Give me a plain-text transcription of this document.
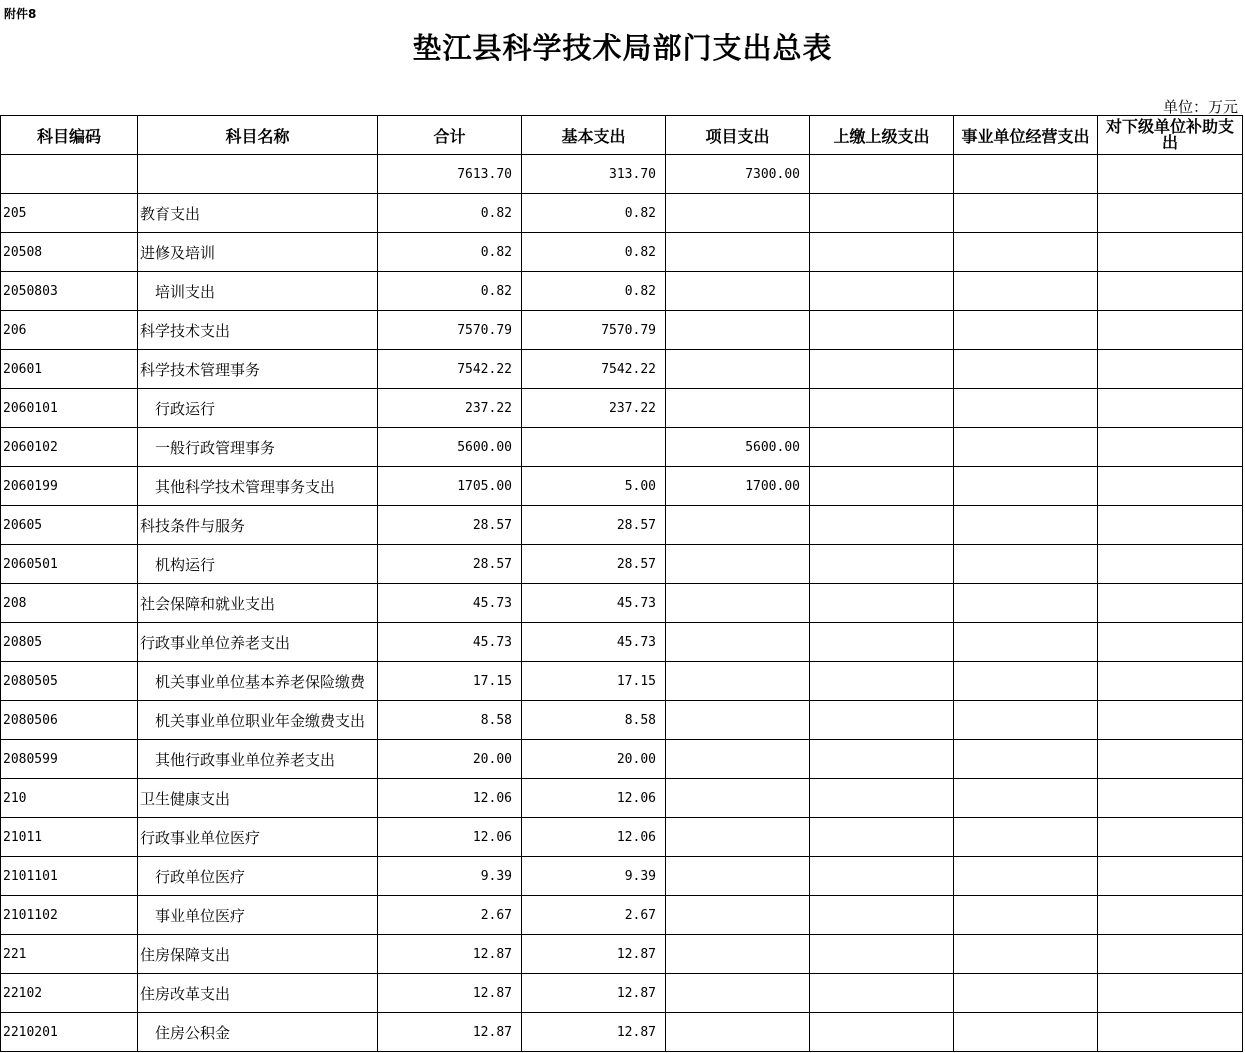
附件8
垫江县科学技术局部门支出总表
单位：万元
科目编码	科目名称	合计	基本支出	项目支出	上缴上级支出	事业单位经营支出	对下级单位补助支出
		7613.70	313.70	7300.00			
205	教育支出	0.82	0.82				
20508	进修及培训	0.82	0.82				
2050803	培训支出	0.82	0.82				
206	科学技术支出	7570.79	7570.79				
20601	科学技术管理事务	7542.22	7542.22				
2060101	行政运行	237.22	237.22				
2060102	一般行政管理事务	5600.00		5600.00			
2060199	其他科学技术管理事务支出	1705.00	5.00	1700.00			
20605	科技条件与服务	28.57	28.57				
2060501	机构运行	28.57	28.57				
208	社会保障和就业支出	45.73	45.73				
20805	行政事业单位养老支出	45.73	45.73				
2080505	机关事业单位基本养老保险缴费	17.15	17.15				
2080506	机关事业单位职业年金缴费支出	8.58	8.58				
2080599	其他行政事业单位养老支出	20.00	20.00				
210	卫生健康支出	12.06	12.06				
21011	行政事业单位医疗	12.06	12.06				
2101101	行政单位医疗	9.39	9.39				
2101102	事业单位医疗	2.67	2.67				
221	住房保障支出	12.87	12.87				
22102	住房改革支出	12.87	12.87				
2210201	住房公积金	12.87	12.87				
